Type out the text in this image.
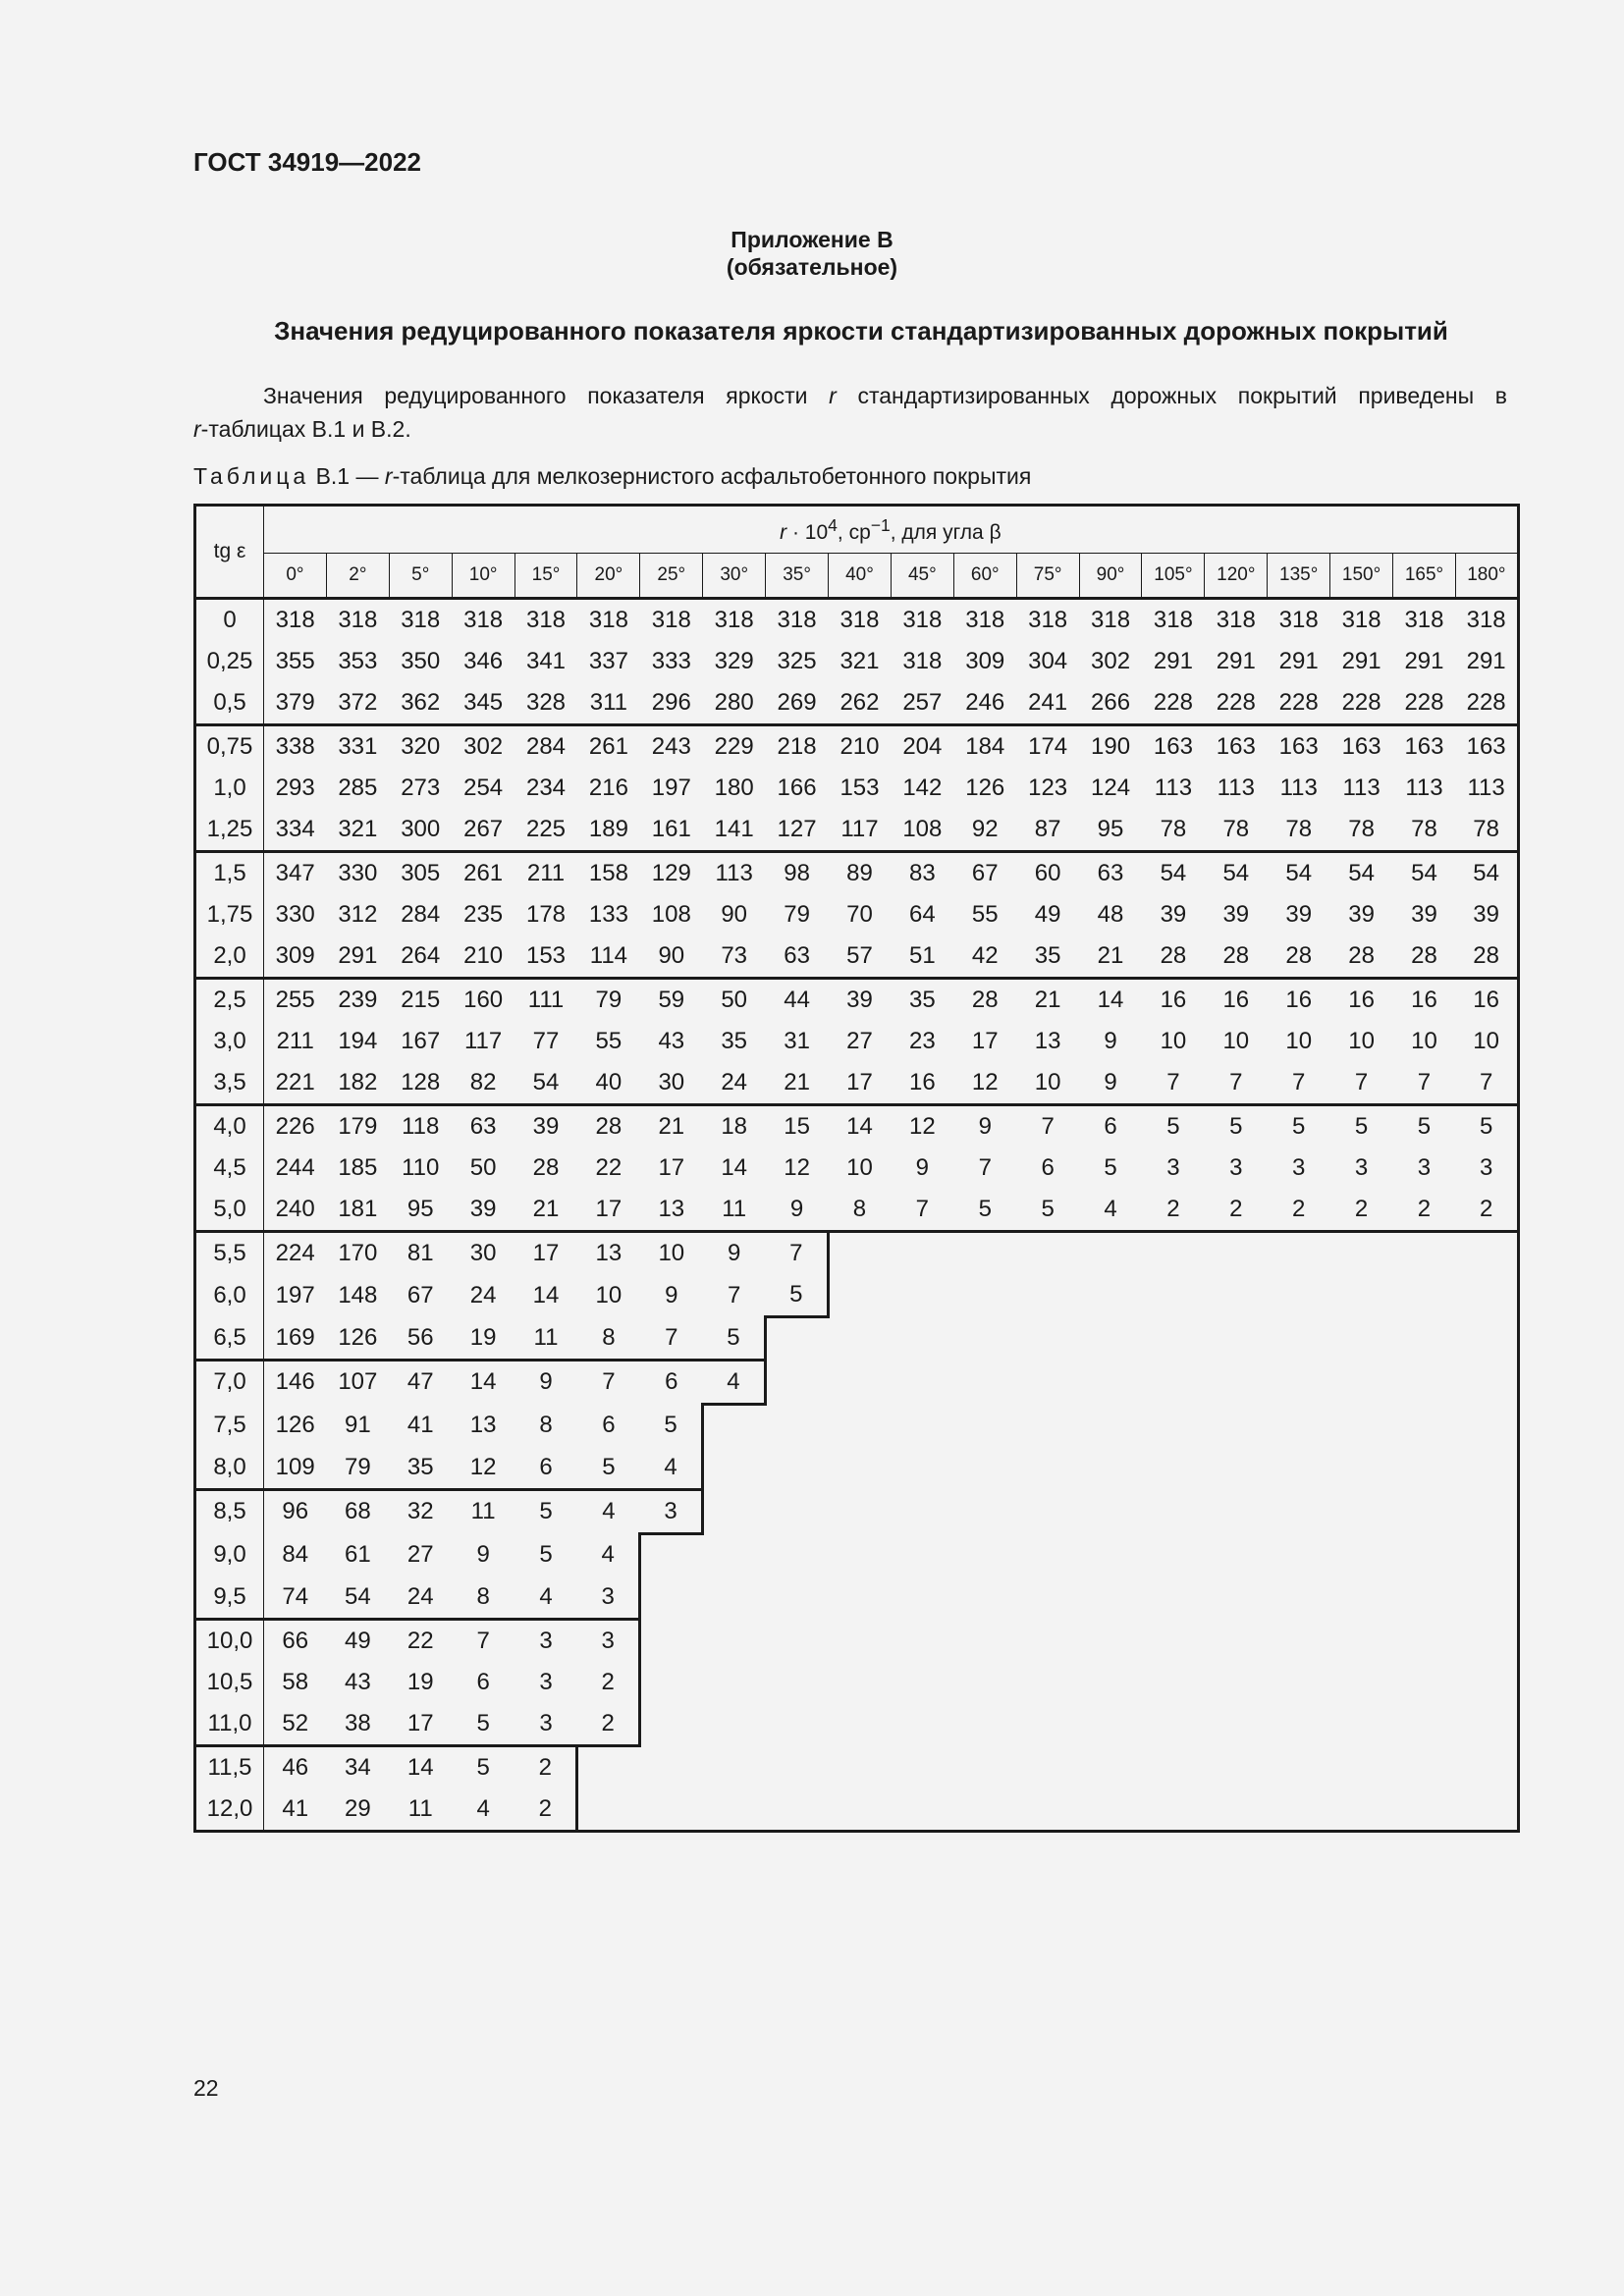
ГОСТ 34919—2022
Приложение В
(обязательное)
Значения редуцированного показателя яркости стандартизированных дорожных покрытий
Значения редуцированного показателя яркости r стандартизированных дорожных покрытий приведены в
r-таблицах В.1 и В.2.
Таблица В.1 — r-таблица для мелкозернистого асфальтобетонного покрытия
tg ε	$r \cdot 10^4$, $ср^{-1}$, для угла β																			
	0°	2°	5°	10°	15°	20°	25°	30°	35°	40°	45°	60°	75°	90°	105°	120°	135°	150°	165°	180°
0	318	318	318	318	318	318	318	318	318	318	318	318	318	318	318	318	318	318	318	318
0,25	355	353	350	346	341	337	333	329	325	321	318	309	304	302	291	291	291	291	291	291
0,5	379	372	362	345	328	311	296	280	269	262	257	246	241	266	228	228	228	228	228	228
0,75	338	331	320	302	284	261	243	229	218	210	204	184	174	190	163	163	163	163	163	163
1,0	293	285	273	254	234	216	197	180	166	153	142	126	123	124	113	113	113	113	113	113
1,25	334	321	300	267	225	189	161	141	127	117	108	92	87	95	78	78	78	78	78	78
1,5	347	330	305	261	211	158	129	113	98	89	83	67	60	63	54	54	54	54	54	54
1,75	330	312	284	235	178	133	108	90	79	70	64	55	49	48	39	39	39	39	39	39
2,0	309	291	264	210	153	114	90	73	63	57	51	42	35	21	28	28	28	28	28	28
2,5	255	239	215	160	111	79	59	50	44	39	35	28	21	14	16	16	16	16	16	16
3,0	211	194	167	117	77	55	43	35	31	27	23	17	13	9	10	10	10	10	10	10
3,5	221	182	128	82	54	40	30	24	21	17	16	12	10	9	7	7	7	7	7	7
4,0	226	179	118	63	39	28	21	18	15	14	12	9	7	6	5	5	5	5	5	5
4,5	244	185	110	50	28	22	17	14	12	10	9	7	6	5	3	3	3	3	3	3
5,0	240	181	95	39	21	17	13	11	9	8	7	5	5	4	2	2	2	2	2	2
5,5	224	170	81	30	17	13	10	9	7											
6,0	197	148	67	24	14	10	9	7	5											
6,5	169	126	56	19	11	8	7	5												
7,0	146	107	47	14	9	7	6	4												
7,5	126	91	41	13	8	6	5													
8,0	109	79	35	12	6	5	4													
8,5	96	68	32	11	5	4	3													
9,0	84	61	27	9	5	4														
9,5	74	54	24	8	4	3														
10,0	66	49	22	7	3	3														
10,5	58	43	19	6	3	2														
11,0	52	38	17	5	3	2														
11,5	46	34	14	5	2															
12,0	41	29	11	4	2															
22
